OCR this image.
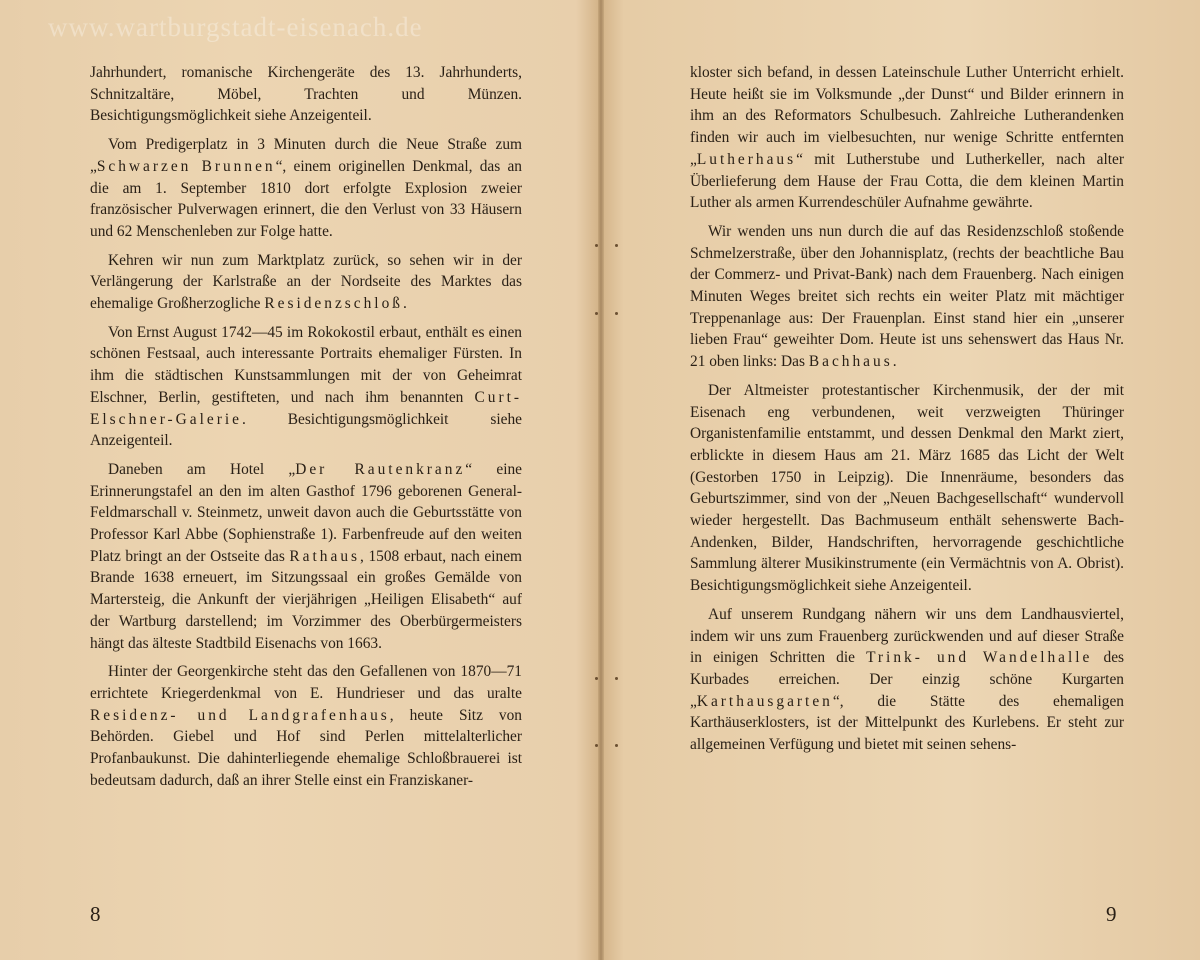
www.wartburgstadt-eisenach.de

Jahrhundert, romanische Kirchengeräte des 13. Jahrhunderts, Schnitzaltäre, Möbel, Trachten und Münzen. Besichtigungsmöglichkeit siehe Anzeigenteil.

Vom Predigerplatz in 3 Minuten durch die Neue Straße zum „Schwarzen Brunnen“, einem originellen Denkmal, das an die am 1. September 1810 dort erfolgte Explosion zweier französischer Pulverwagen erinnert, die den Verlust von 33 Häusern und 62 Menschenleben zur Folge hatte.

Kehren wir nun zum Marktplatz zurück, so sehen wir in der Verlängerung der Karlstraße an der Nordseite des Marktes das ehemalige Großherzogliche Residenzschloß.

Von Ernst August 1742—45 im Rokokostil erbaut, enthält es einen schönen Festsaal, auch interessante Portraits ehemaliger Fürsten. In ihm die städtischen Kunstsammlungen mit der von Geheimrat Elschner, Berlin, gestifteten, und nach ihm benannten Curt-Elschner-Galerie. Besichtigungsmöglichkeit siehe Anzeigenteil.

Daneben am Hotel „Der Rautenkranz“ eine Erinnerungstafel an den im alten Gasthof 1796 geborenen General-Feldmarschall v. Steinmetz, unweit davon auch die Geburtsstätte von Professor Karl Abbe (Sophienstraße 1). Farbenfreude auf den weiten Platz bringt an der Ostseite das Rathaus, 1508 erbaut, nach einem Brande 1638 erneuert, im Sitzungssaal ein großes Gemälde von Martersteig, die Ankunft der vierjährigen „Heiligen Elisabeth“ auf der Wartburg darstellend; im Vorzimmer des Oberbürgermeisters hängt das älteste Stadtbild Eisenachs von 1663.

Hinter der Georgenkirche steht das den Gefallenen von 1870—71 errichtete Kriegerdenkmal von E. Hundrieser und das uralte Residenz- und Landgrafenhaus, heute Sitz von Behörden. Giebel und Hof sind Perlen mittelalterlicher Profanbaukunst. Die dahinterliegende ehemalige Schloßbrauerei ist bedeutsam dadurch, daß an ihrer Stelle einst ein Franziskaner-

8

kloster sich befand, in dessen Lateinschule Luther Unterricht erhielt. Heute heißt sie im Volksmunde „der Dunst“ und Bilder erinnern in ihm an des Reformators Schulbesuch. Zahlreiche Lutherandenken finden wir auch im vielbesuchten, nur wenige Schritte entfernten „Lutherhaus“ mit Lutherstube und Lutherkeller, nach alter Überlieferung dem Hause der Frau Cotta, die dem kleinen Martin Luther als armen Kurrendeschüler Aufnahme gewährte.

Wir wenden uns nun durch die auf das Residenzschloß stoßende Schmelzerstraße, über den Johannisplatz, (rechts der beachtliche Bau der Commerz- und Privat-Bank) nach dem Frauenberg. Nach einigen Minuten Weges breitet sich rechts ein weiter Platz mit mächtiger Treppenanlage aus: Der Frauenplan. Einst stand hier ein „unserer lieben Frau“ geweihter Dom. Heute ist uns sehenswert das Haus Nr. 21 oben links: Das Bachhaus.

Der Altmeister protestantischer Kirchenmusik, der der mit Eisenach eng verbundenen, weit verzweigten Thüringer Organistenfamilie entstammt, und dessen Denkmal den Markt ziert, erblickte in diesem Haus am 21. März 1685 das Licht der Welt (Gestorben 1750 in Leipzig). Die Innenräume, besonders das Geburtszimmer, sind von der „Neuen Bachgesellschaft“ wundervoll wieder hergestellt. Das Bachmuseum enthält sehenswerte Bach-Andenken, Bilder, Handschriften, hervorragende geschichtliche Sammlung älterer Musikinstrumente (ein Vermächtnis von A. Obrist). Besichtigungsmöglichkeit siehe Anzeigenteil.

Auf unserem Rundgang nähern wir uns dem Landhausviertel, indem wir uns zum Frauenberg zurückwenden und auf dieser Straße in einigen Schritten die Trink- und Wandelhalle des Kurbades erreichen. Der einzig schöne Kurgarten „Karthausgarten“, die Stätte des ehemaligen Karthäuserklosters, ist der Mittelpunkt des Kurlebens. Er steht zur allgemeinen Verfügung und bietet mit seinen sehens-

9
